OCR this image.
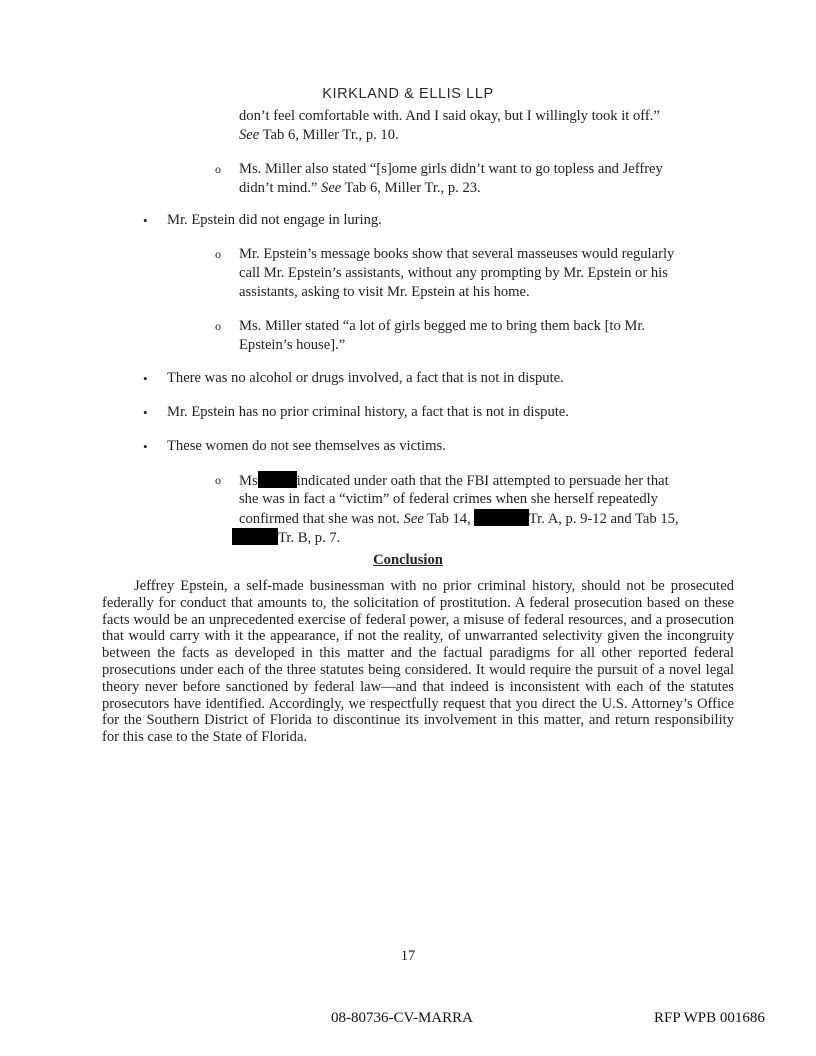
KIRKLAND & ELLIS LLP
don’t feel comfortable with. And I said okay, but I willingly took it off.”
See Tab 6, Miller Tr., p. 10.
o Ms. Miller also stated “[s]ome girls didn’t want to go topless and Jeffrey
didn’t mind.” See Tab 6, Miller Tr., p. 23.
• Mr. Epstein did not engage in luring.
o Mr. Epstein’s message books show that several masseuses would regularly
call Mr. Epstein’s assistants, without any prompting by Mr. Epstein or his
assistants, asking to visit Mr. Epstein at his home.
o Ms. Miller stated “a lot of girls begged me to bring them back [to Mr.
Epstein’s house].”
• There was no alcohol or drugs involved, a fact that is not in dispute.
• Mr. Epstein has no prior criminal history, a fact that is not in dispute.
• These women do not see themselves as victims.
o Ms	indicated under oath that the FBI attempted to persuade her that
she was in fact a “victim” of federal crimes when she herself repeatedly
confirmed that she was not. See Tab 14,	Tr. A, p. 9-12 and Tab 15,
Tr. B, p. 7.
Conclusion
Jeffrey Epstein, a self-made businessman with no prior criminal history, should not be prosecuted federally for conduct that amounts to, the solicitation of prostitution. A federal prosecution based on these facts would be an unprecedented exercise of federal power, a misuse of federal resources, and a prosecution that would carry with it the appearance, if not the reality, of unwarranted selectivity given the incongruity between the facts as developed in this matter and the factual paradigms for all other reported federal prosecutions under each of the three statutes being considered. It would require the pursuit of a novel legal theory never before sanctioned by federal law—and that indeed is inconsistent with each of the statutes prosecutors have identified. Accordingly, we respectfully request that you direct the U.S. Attorney’s Office for the Southern District of Florida to discontinue its involvement in this matter, and return responsibility for this case to the State of Florida.
17
08-80736-CV-MARRA	RFP WPB 001686
